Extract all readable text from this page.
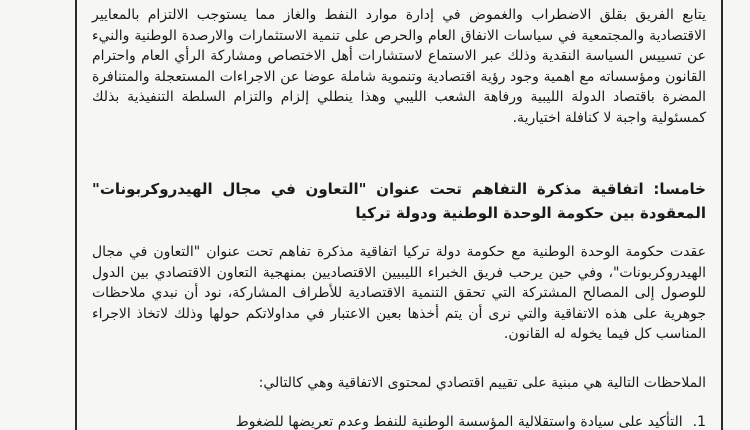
يتابع الفريق بقلق الاضطراب والغموض في إدارة موارد النفط والغاز مما يستوجب الالتزام بالمعايير الاقتصادية والمجتمعية في سياسات الانفاق العام والحرص على تنمية الاستثمارات والارصدة الوطنية والنيء عن تسييس السياسة النقدية وذلك عبر الاستماع لاستشارات أهل الاختصاص ومشاركة الرأي العام واحترام القانون ومؤسساته مع اهمية وجود رؤية اقتصادية وتنموية شاملة عوضا عن الاجراءات المستعجلة والمتنافرة المضرة باقتصاد الدولة الليبية ورفاهة الشعب الليبي وهذا ينطلي إلزام والتزام السلطة التنفيذية بذلك كمسئولية واجبة لا كنافلة اختيارية.

خامسا: اتفاقية مذكرة التفاهم تحت عنوان "التعاون في مجال الهيدروكربونات" المعقودة بين حكومة الوحدة الوطنية ودولة تركيا

عقدت حكومة الوحدة الوطنية مع حكومة دولة تركيا اتفاقية مذكرة تفاهم تحت عنوان "التعاون في مجال الهيدروكربونات"، وفي حين يرحب فريق الخبراء الليبيين الاقتصاديين بمنهجية التعاون الاقتصادي بين الدول للوصول إلى المصالح المشتركة التي تحقق التنمية الاقتصادية للأطراف المشاركة، نود أن نبدي ملاحظات جوهرية على هذه الاتفاقية والتي نرى أن يتم أخذها بعين الاعتبار في مداولاتكم حولها وذلك لاتخاذ الاجراء المناسب كل فيما يخوله له القانون.

الملاحظات التالية هي مبنية على تقييم اقتصادي لمحتوى الاتفاقية وهي كالتالي:

1.التأكيد على سيادة واستقلالية المؤسسة الوطنية للنفط وعدم تعريضها للضغوط
